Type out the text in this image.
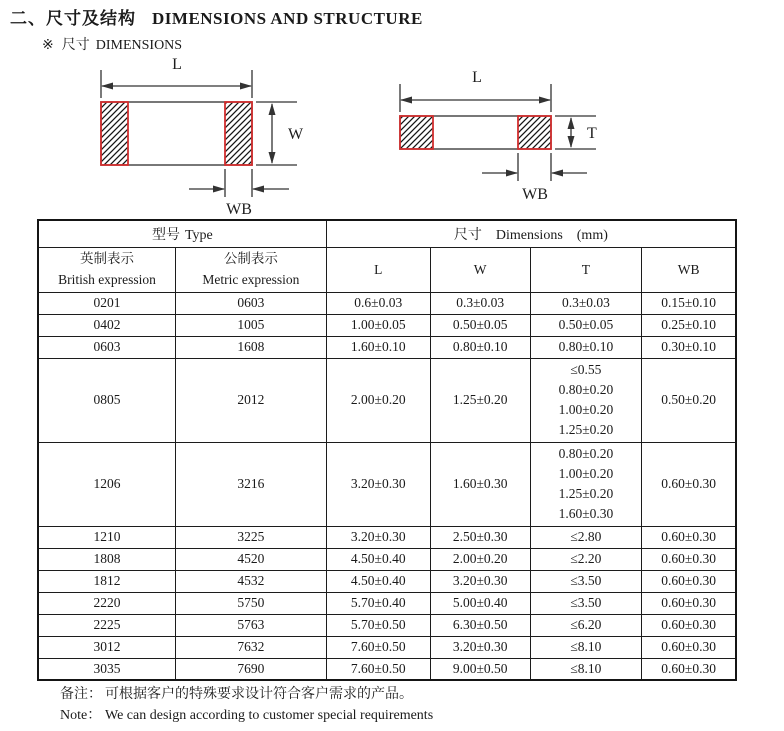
二、尺寸及结构 DIMENSIONS AND STRUCTURE
※ 尺寸 DIMENSIONS
L
W
WB
L
T
WB
型号 Type		尺寸 Dimensions (mm)			

英制表示
British expression

公制表示
Metric expression
	L	W	T	WB
0201	0603	0.6±0.03	0.3±0.03	0.3±0.03	0.15±0.10
0402	1005	1.00±0.05	0.50±0.05	0.50±0.05	0.25±0.10
0603	1608	1.60±0.10	0.80±0.10	0.80±0.10	0.30±0.10
0805	2012	2.00±0.20	1.25±0.20	≤0.55
0.80±0.20
1.00±0.20
1.25±0.20	0.50±0.20
1206	3216	3.20±0.30	1.60±0.30	0.80±0.20
1.00±0.20
1.25±0.20
1.60±0.30	0.60±0.30
1210	3225	3.20±0.30	2.50±0.30	≤2.80	0.60±0.30
1808	4520	4.50±0.40	2.00±0.20	≤2.20	0.60±0.30
1812	4532	4.50±0.40	3.20±0.30	≤3.50	0.60±0.30
2220	5750	5.70±0.40	5.00±0.40	≤3.50	0.60±0.30
2225	5763	5.70±0.50	6.30±0.50	≤6.20	0.60±0.30
3012	7632	7.60±0.50	3.20±0.30	≤8.10	0.60±0.30
3035	7690	7.60±0.50	9.00±0.50	≤8.10	0.60±0.30
备注： 可根据客户的特殊要求设计符合客户需求的产品。
Note： We can design according to customer special requirements
